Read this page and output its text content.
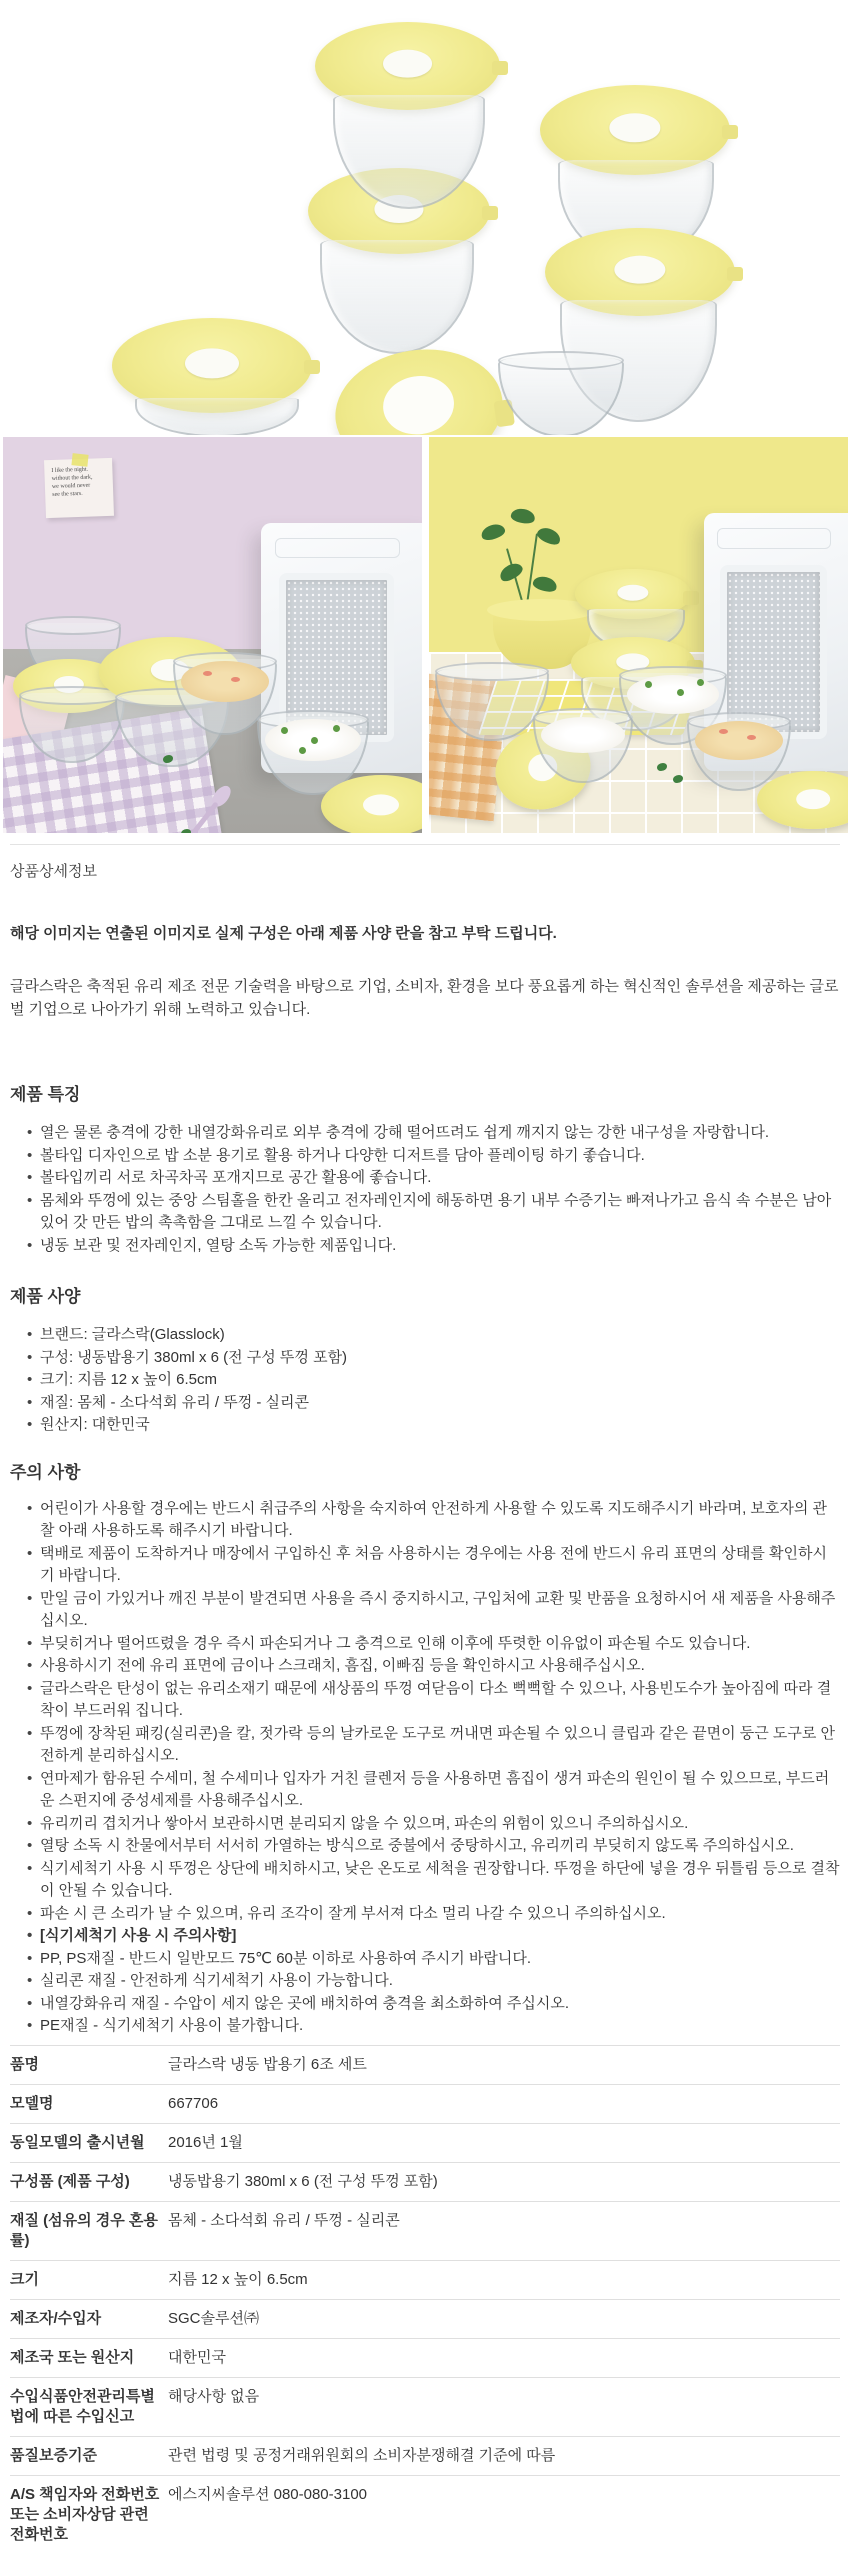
I like the night.
without the dark,
we would never
see the stars.
상품상세정보

해당 이미지는 연출된 이미지로 실제 구성은 아래 제품 사양 란을 참고 부탁 드립니다.

글라스락은 축적된 유리 제조 전문 기술력을 바탕으로 기업, 소비자, 환경을 보다 풍요롭게 하는 혁신적인 솔루션을 제공하는 글로벌 기업으로 나아가기 위해 노력하고 있습니다.

제품 특징
• 열은 물론 충격에 강한 내열강화유리로 외부 충격에 강해 떨어뜨려도 쉽게 깨지지 않는 강한 내구성을 자랑합니다.
• 볼타입 디자인으로 밥 소분 용기로 활용 하거나 다양한 디저트를 담아 플레이팅 하기 좋습니다.
• 볼타입끼리 서로 차곡차곡 포개지므로 공간 활용에 좋습니다.
• 몸체와 뚜껑에 있는 중앙 스팀홀을 한칸 올리고 전자레인지에 해동하면 용기 내부 수증기는 빠져나가고 음식 속 수분은 남아있어 갓 만든 밥의 촉촉함을 그대로 느낄 수 있습니다.
• 냉동 보관 및 전자레인지, 열탕 소독 가능한 제품입니다.
제품 사양
• 브랜드: 글라스락(Glasslock)
• 구성: 냉동밥용기 380ml x 6 (전 구성 뚜껑 포함)
• 크기: 지름 12 x 높이 6.5cm
• 재질: 몸체 - 소다석회 유리 / 뚜껑 - 실리콘
• 원산지: 대한민국
주의 사항
• 어린이가 사용할 경우에는 반드시 취급주의 사항을 숙지하여 안전하게 사용할 수 있도록 지도해주시기 바라며, 보호자의 관찰 아래 사용하도록 해주시기 바랍니다.
• 택배로 제품이 도착하거나 매장에서 구입하신 후 처음 사용하시는 경우에는 사용 전에 반드시 유리 표면의 상태를 확인하시기 바랍니다.
• 만일 금이 가있거나 깨진 부분이 발견되면 사용을 즉시 중지하시고, 구입처에 교환 및 반품을 요청하시어 새 제품을 사용해주십시오.
• 부딪히거나 떨어뜨렸을 경우 즉시 파손되거나 그 충격으로 인해 이후에 뚜렷한 이유없이 파손될 수도 있습니다.
• 사용하시기 전에 유리 표면에 금이나 스크래치, 흠집, 이빠짐 등을 확인하시고 사용해주십시오.
• 글라스락은 탄성이 없는 유리소재기 때문에 새상품의 뚜껑 여닫음이 다소 뻑뻑할 수 있으나, 사용빈도수가 높아짐에 따라 결착이 부드러워 집니다.
• 뚜껑에 장착된 패킹(실리콘)을 칼, 젓가락 등의 날카로운 도구로 꺼내면 파손될 수 있으니 클립과 같은 끝면이 둥근 도구로 안전하게 분리하십시오.
• 연마제가 함유된 수세미, 철 수세미나 입자가 거친 클렌저 등을 사용하면 흠집이 생겨 파손의 원인이 될 수 있으므로, 부드러운 스펀지에 중성세제를 사용해주십시오.
• 유리끼리 겹치거나 쌓아서 보관하시면 분리되지 않을 수 있으며, 파손의 위험이 있으니 주의하십시오.
• 열탕 소독 시 찬물에서부터 서서히 가열하는 방식으로 중불에서 중탕하시고, 유리끼리 부딪히지 않도록 주의하십시오.
• 식기세척기 사용 시 뚜껑은 상단에 배치하시고, 낮은 온도로 세척을 권장합니다. 뚜껑을 하단에 넣을 경우 뒤틀림 등으로 결착이 안될 수 있습니다.
• 파손 시 큰 소리가 날 수 있으며, 유리 조각이 잘게 부서져 다소 멀리 나갈 수 있으니 주의하십시오.
• [식기세척기 사용 시 주의사항]
• PP, PS재질 - 반드시 일반모드 75℃ 60분 이하로 사용하여 주시기 바랍니다.
• 실리콘 재질 - 안전하게 식기세척기 사용이 가능합니다.
• 내열강화유리 재질 - 수압이 세지 않은 곳에 배치하여 충격을 최소화하여 주십시오.
• PE재질 - 식기세척기 사용이 불가합니다.
품명	글라스락 냉동 밥용기 6조 세트
모델명	667706
동일모델의 출시년월	2016년 1월
구성품 (제품 구성)	냉동밥용기 380ml x 6 (전 구성 뚜껑 포함)
재질 (섬유의 경우 혼용률)	몸체 - 소다석회 유리 / 뚜껑 - 실리콘
크기	지름 12 x 높이 6.5cm
제조자/수입자	SGC솔루션㈜
제조국 또는 원산지	대한민국
수입식품안전관리특별법에 따른 수입신고	해당사항 없음
품질보증기준	관련 법령 및 공정거래위원회의 소비자분쟁해결 기준에 따름
A/S 책임자와 전화번호 또는 소비자상담 관련 전화번호	에스지씨솔루션 080-080-3100
